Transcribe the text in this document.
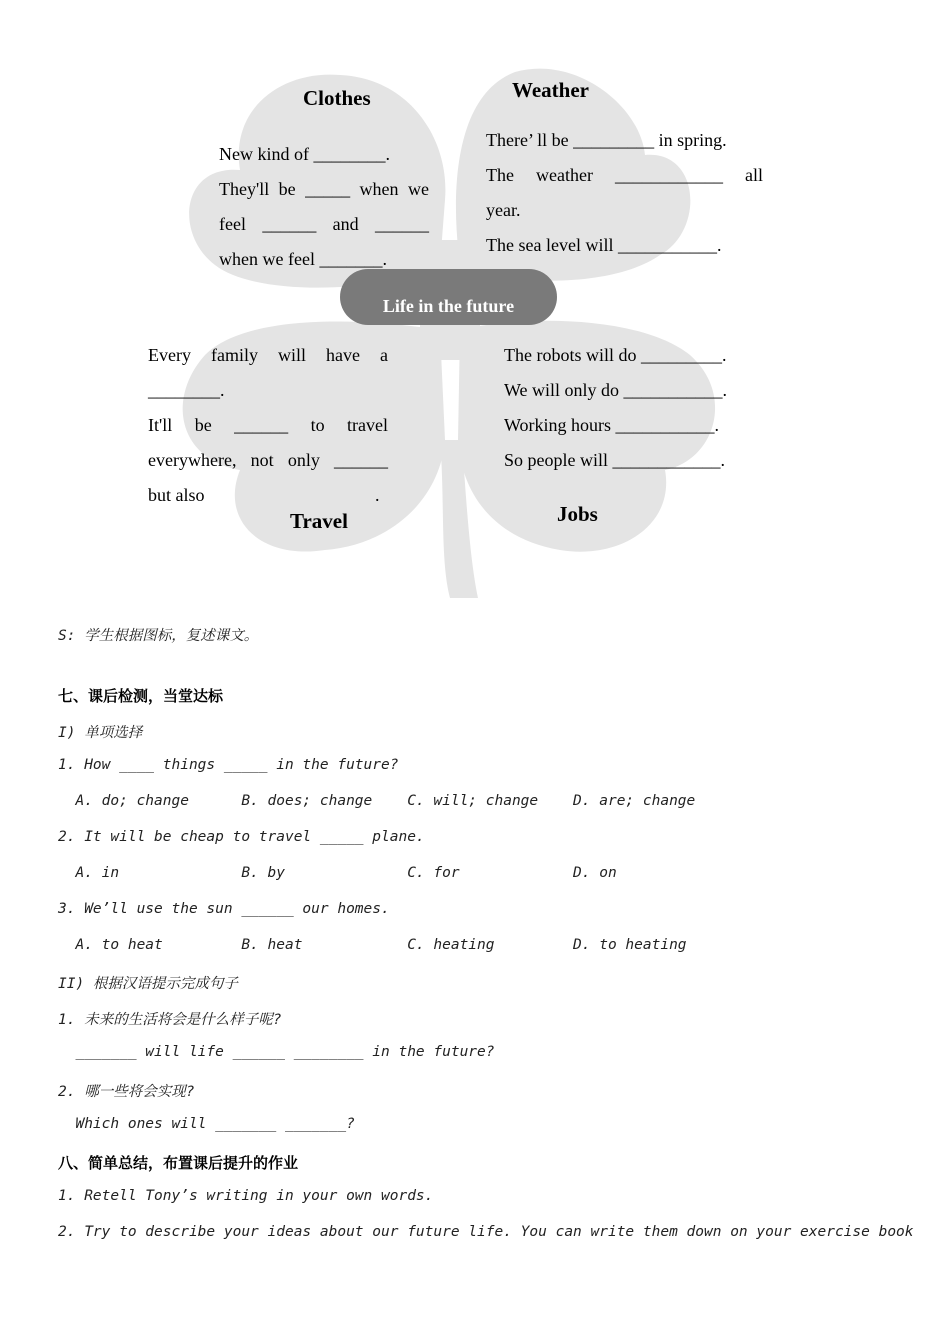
Life in the future
Clothes
New kind of ________.
They'll be _____ when we
feel ______ and ______
when we feel _______.
Weather
There’ ll be _________ in spring.
The weather ____________ all
year.
The sea level will ___________.
Every family will have a
________.
It'll be ______ to travel
everywhere, not only ______
but also	.
Travel
The robots will do _________.
We will only do ___________.
Working hours ___________.
So people will ____________.
Jobs
S: 学生根据图标，复述课文。
七、课后检测，当堂达标
I) 单项选择
1. How ____ things _____ in the future?
A. do; change      B. does; change    C. will; change    D. are; change
2. It will be cheap to travel _____ plane.
A. in              B. by              C. for             D. on
3. We’ll use the sun ______ our homes.
A. to heat         B. heat            C. heating         D. to heating
II) 根据汉语提示完成句子
1. 未来的生活将会是什么样子呢?
_______ will life ______ ________ in the future?
2. 哪一些将会实现?
Which ones will _______ _______?
八、简单总结，布置课后提升的作业
1. Retell Tony’s writing in your own words.
2. Try to describe your ideas about our future life. You can write them down on your exercise book
